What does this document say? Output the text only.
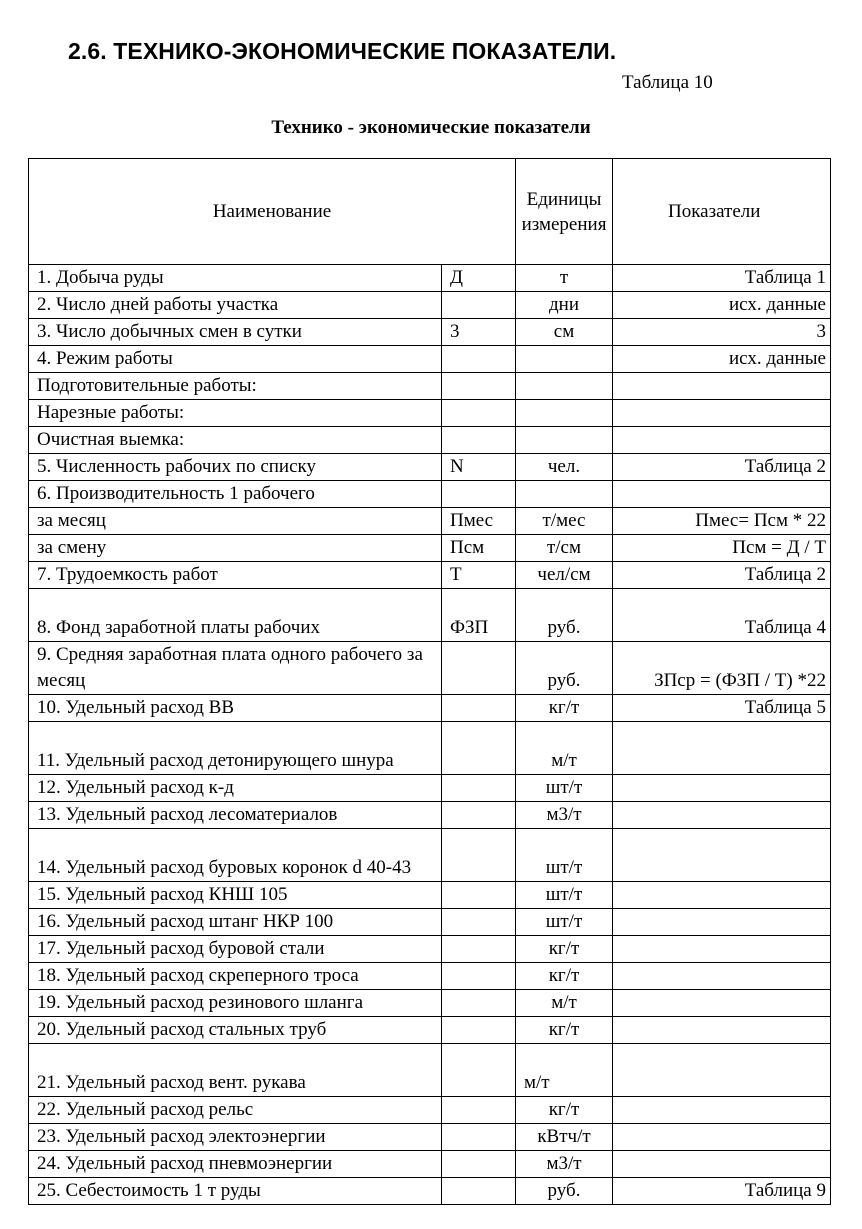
2.6. ТЕХНИКО-ЭКОНОМИЧЕСКИЕ ПОКАЗАТЕЛИ.
Таблица 10
Технико - экономические показатели
Наименование		Единицы измерения	Показатели
1. Добыча руды	Д	т	Таблица 1
2. Число дней работы участка		дни	исх. данные
3. Число добычных смен в сутки	3	см	3
4. Режим работы			исх. данные
Подготовительные работы:			
Нарезные работы:			
Очистная выемка:			
5. Численность рабочих по списку	N	чел.	Таблица 2
6. Производительность 1 рабочего			
за месяц	Пмес	т/мес	Пмес= Псм * 22
за смену	Псм	т/см	Псм = Д / Т
7. Трудоемкость работ	Т	чел/см	Таблица 2
8. Фонд заработной платы рабочих	ФЗП	руб.	Таблица 4
9. Средняя заработная плата одного рабочего за месяц		руб.	ЗПср = (ФЗП / Т) *22
10. Удельный расход ВВ		кг/т	Таблица 5
11. Удельный расход детонирующего шнура		м/т	
12. Удельный расход к-д		шт/т	
13. Удельный расход лесоматериалов		м3/т	
14. Удельный расход буровых коронок d 40-43		шт/т	
15. Удельный расход КНШ 105		шт/т	
16. Удельный расход штанг НКР 100		шт/т	
17. Удельный расход буровой стали		кг/т	
18. Удельный расход скреперного троса		кг/т	
19. Удельный расход резинового шланга		м/т	
20. Удельный расход стальных труб		кг/т	
21. Удельный расход вент. рукава		м/т	
22. Удельный расход рельс		кг/т	
23. Удельный расход электоэнергии		кВтч/т	
24. Удельный расход пневмоэнергии		м3/т	
25. Себестоимость 1 т руды		руб.	Таблица 9
